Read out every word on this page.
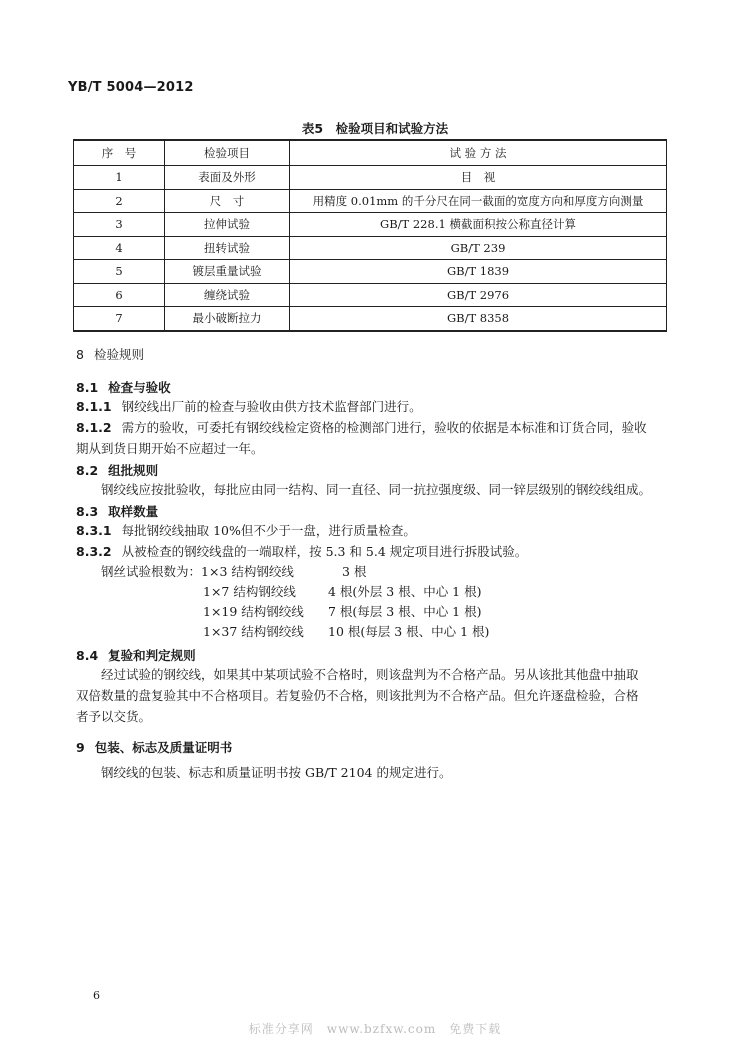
YB/T 5004—2012
表5　检验项目和试验方法
序　号	检验项目	试 验 方 法
1	表面及外形	目　视
2	尺　寸	用精度 0.01mm 的千分尺在同一截面的宽度方向和厚度方向测量
3	拉伸试验	GB/T 228.1 横截面积按公称直径计算
4	扭转试验	GB/T 239
5	镀层重量试验	GB/T 1839
6	缠绕试验	GB/T 2976
7	最小破断拉力	GB/T 8358
8 检验规则
8.1 检查与验收
8.1.1 钢绞线出厂前的检查与验收由供方技术监督部门进行。
8.1.2 需方的验收，可委托有钢绞线检定资格的检测部门进行，验收的依据是本标准和订货合同，验收
期从到货日期开始不应超过一年。
8.2 组批规则
钢绞线应按批验收，每批应由同一结构、同一直径、同一抗拉强度级、同一锌层级别的钢绞线组成。
8.3 取样数量
8.3.1 每批钢绞线抽取 10%但不少于一盘，进行质量检查。
8.3.2 从被检查的钢绞线盘的一端取样，按 5.3 和 5.4 规定项目进行拆股试验。
钢丝试验根数为：1×3 结构钢绞线	3 根
1×7 结构钢绞线	4 根(外层 3 根、中心 1 根)
1×19 结构钢绞线 7 根(每层 3 根、中心 1 根)
1×37 结构钢绞线 10 根(每层 3 根、中心 1 根)
8.4 复验和判定规则
经过试验的钢绞线，如果其中某项试验不合格时，则该盘判为不合格产品。另从该批其他盘中抽取
双倍数量的盘复验其中不合格项目。若复验仍不合格，则该批判为不合格产品。但允许逐盘检验，合格
者予以交货。
9 包装、标志及质量证明书
钢绞线的包装、标志和质量证明书按 GB/T 2104 的规定进行。
6
标准分享网　www.bzfxw.com　免费下载
